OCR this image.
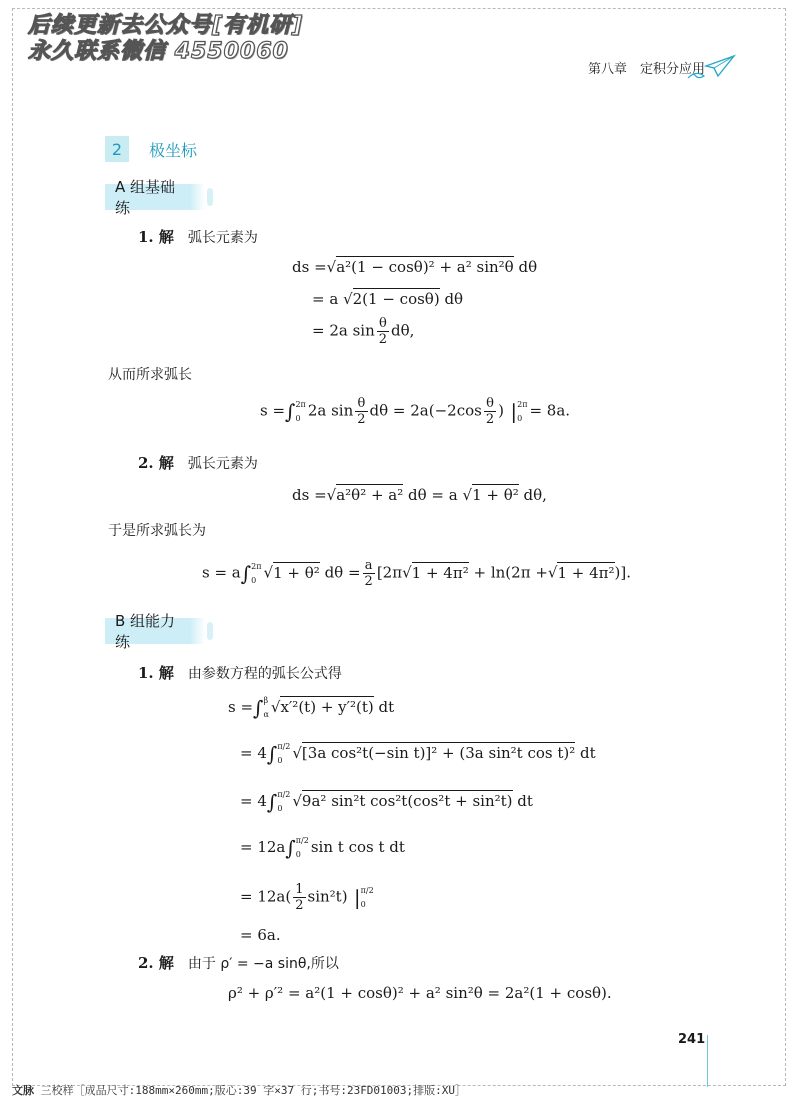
后续更新去公众号[有机研]
永久联系微信 4550060
第八章　定积分应用
2	极坐标
A 组基础练
1. 解 弧长元素为
ds =√a²(1 − cosθ)² + a² sin²θ dθ
= a √2(1 − cosθ) dθ
= 2a $\sin \frac{\theta}{2} d\theta$,
从而所求弧长
s =∫ 2π
0 2a $\sin \frac{\theta}{2}$ $d\theta = 2a(-2\cos \frac{\theta}{2}$ ) | 2π
0 = 8a.
2. 解 弧长元素为
ds =√a²θ² + a² dθ = a √1 + θ² dθ,
于是所求弧长为
s = a∫ 2π
0 √1 + θ² $d\theta = \frac{a}{2} [2\pi√1 + 4\pi^2 + \ln(2\pi +√1 + 4\pi^2)]$.
B 组能力练
1. 解 由参数方程的弧长公式得
s =∫ β
α √x′²(t) + y′²(t) dt
= 4∫ π/2
0 √[3a cos²t(−sin t)]² + (3a sin²t cos t)² dt
= 4∫ π/2
0 √9a² sin²t cos²t(cos²t + sin²t) dt
= 12a∫ π/2
0 sin t cos t dt
= $12a( \frac{1}{2} \sin^2t)$ | π/2
0
= 6a.
2. 解 由于 ρ′ = −a sinθ,所以
ρ² + ρ′² = a²(1 + cosθ)² + a² sin²θ = 2a²(1 + cosθ).
241
文脉 三校样［成品尺寸:188mm×260mm;版心:39 字×37 行;书号:23FD01003;排版:XU］
